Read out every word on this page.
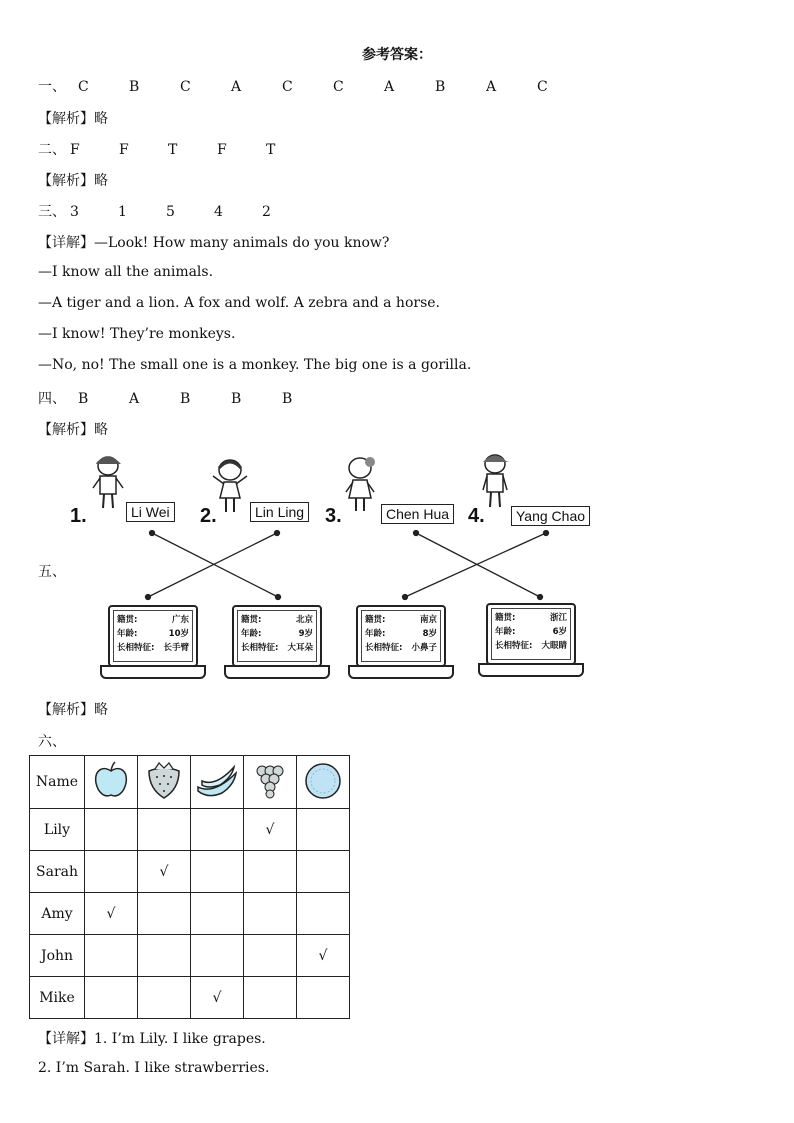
参考答案：
一、 C	B	C	A	C	C	A	B	A	C
【解析】略
二、 F	F	T	F	T
【解析】略
三、 3	1	5	4	2
【详解】—Look! How many animals do you know?
—I know all the animals.
—A tiger and a lion. A fox and wolf. A zebra and a horse.
—I know! They’re monkeys.
—No, no! The small one is a monkey. The big one is a gorilla.
四、 B	A	B	B	B
【解析】略
五、
1.	Li Wei 2.	Lin Ling 3.	Chen Hua 4.	Yang Chao
籍贯:	广东
年龄:	10岁
长相特征: 长手臂
籍贯:	北京
年龄:	9岁
长相特征: 大耳朵
籍贯:	南京
年龄:	8岁
长相特征: 小鼻子
籍贯:	浙江
年龄:	6岁
长相特征: 大眼睛
【解析】略
六、
Name					
Lily				√	
Sarah		√			
Amy	√				
John					√
Mike			√		
【详解】1. I’m Lily. I like grapes.
2. I’m Sarah. I like strawberries.
